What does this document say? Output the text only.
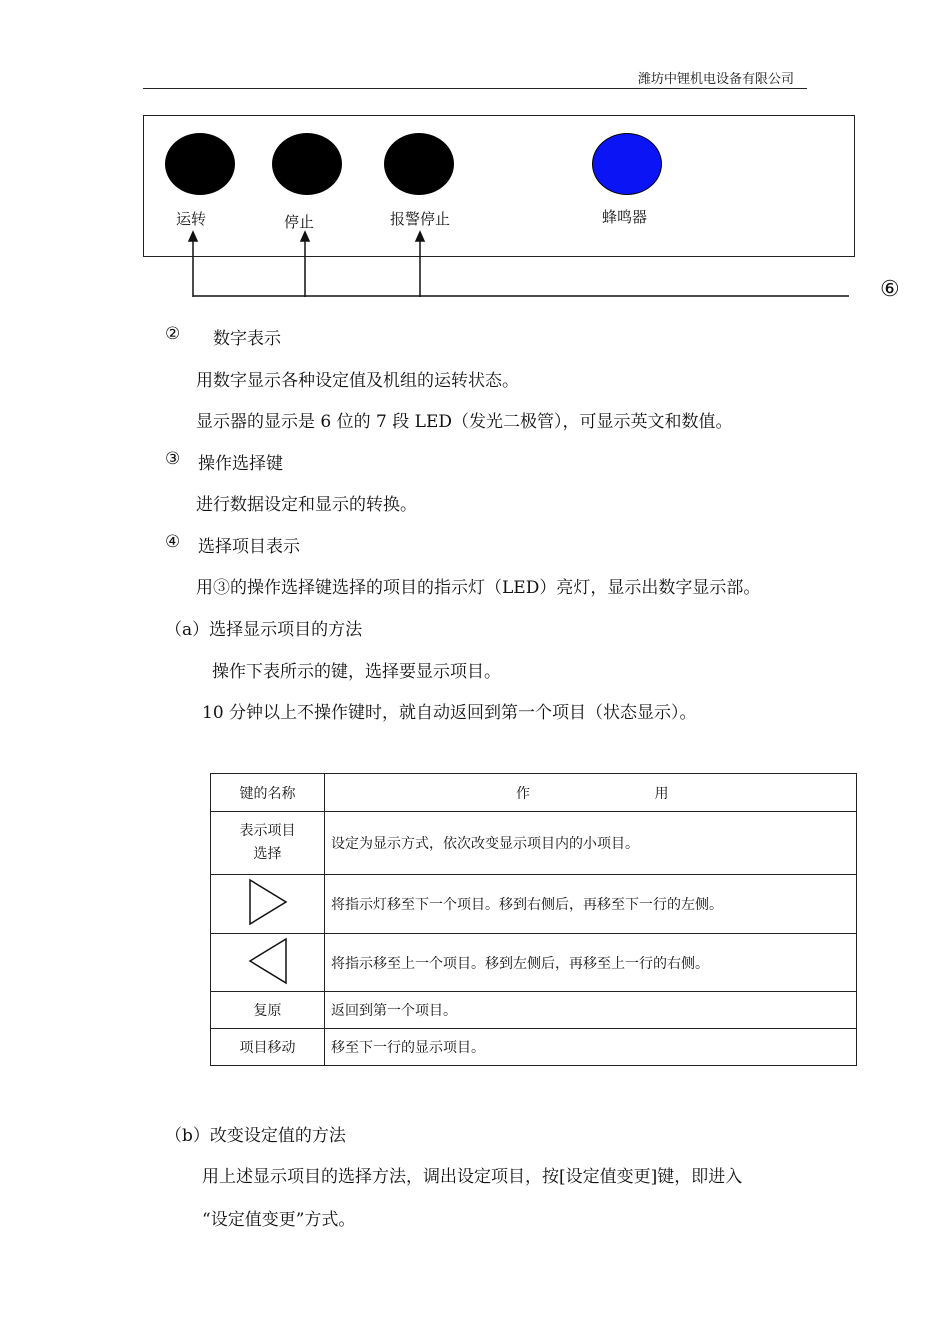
潍坊中锂机电设备有限公司
运转	停止	报警停止	蜂鸣器
⑥
② 数字表示
用数字显示各种设定值及机组的运转状态。
显示器的显示是 6 位的 7 段 LED（发光二极管），可显示英文和数值。
③ 操作选择键
进行数据设定和显示的转换。
④ 选择项目表示
用③的操作选择键选择的项目的指示灯（LED）亮灯，显示出数字显示部。
（a）选择显示项目的方法
操作下表所示的键，选择要显示项目。
10 分钟以上不操作键时，就自动返回到第一个项目（状态显示）。
键的名称	作 用
表示项目
选择	设定为显示方式，依次改变显示项目内的小项目。
	将指示灯移至下一个项目。移到右侧后，再移至下一行的左侧。
	将指示移至上一个项目。移到左侧后，再移至上一行的右侧。
复原	返回到第一个项目。
项目移动	移至下一行的显示项目。
（b）改变设定值的方法
用上述显示项目的选择方法，调出设定项目，按[设定值变更]键，即进入
“设定值变更”方式。
